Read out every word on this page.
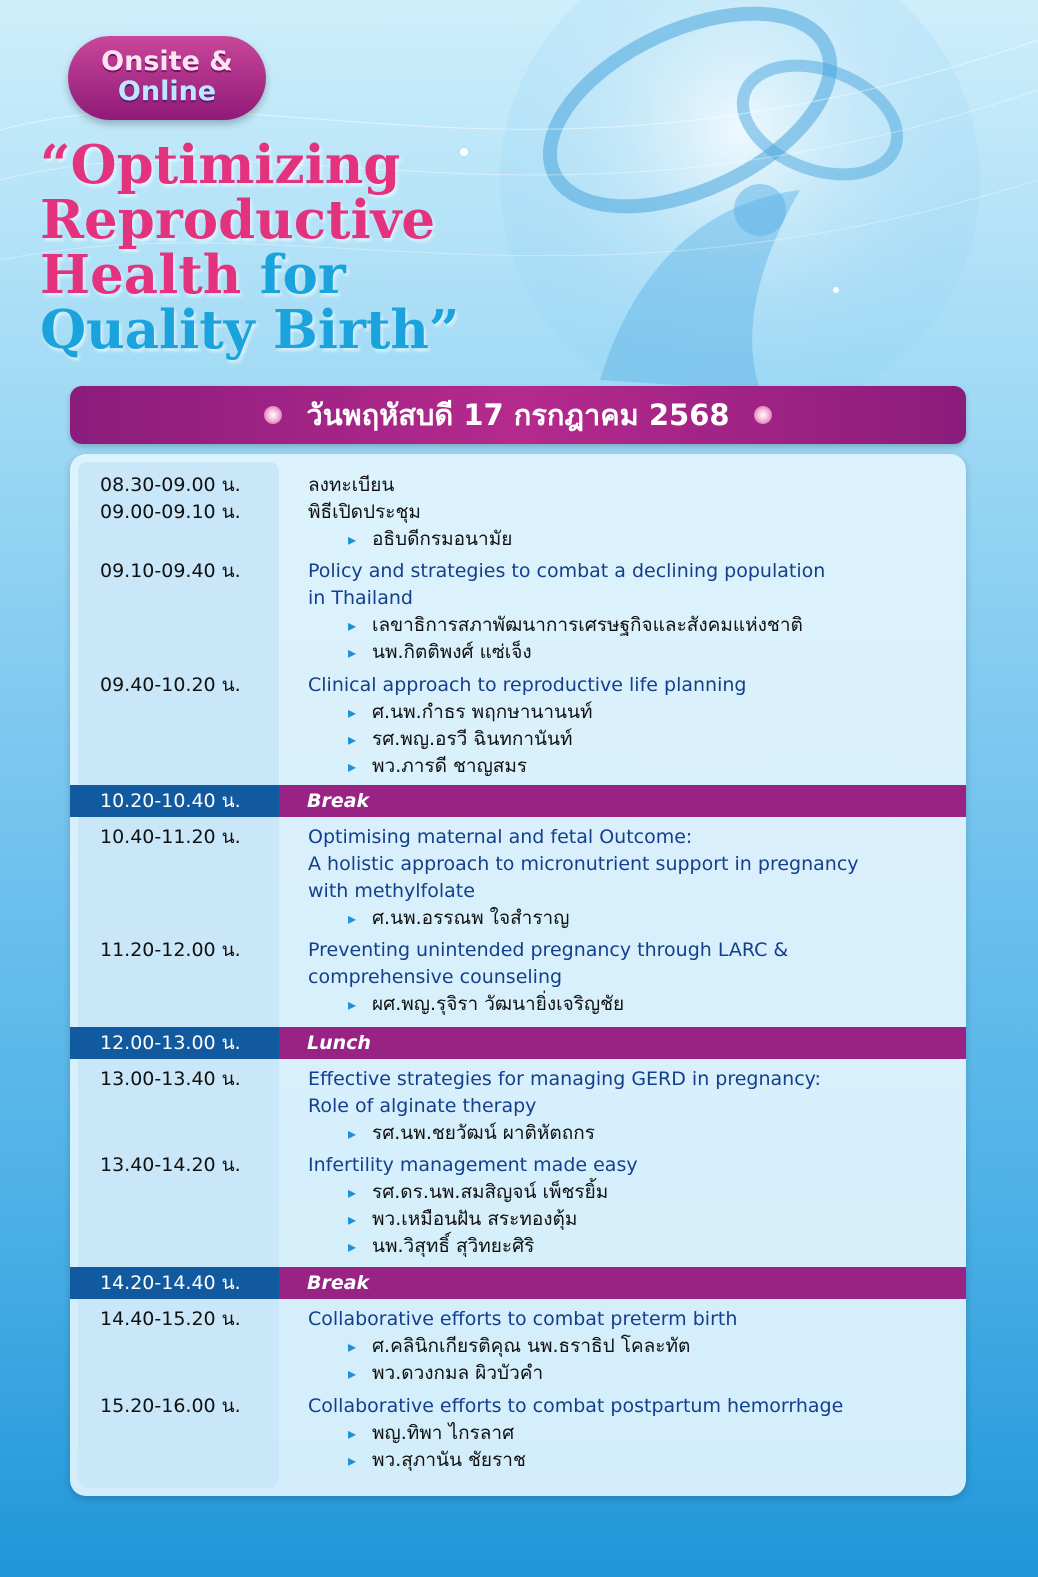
Onsite &
Online
“Optimizing
Reproductive
Health for
Quality Birth”
วันพฤหัสบดี 17 กรกฎาคม 2568
08.30-09.00 น.	ลงทะเบียน
09.00-09.10 น.	พิธีเปิดประชุม
▸ อธิบดีกรมอนามัย
09.10-09.40 น.	Policy and strategies to combat a declining population
in Thailand
▸ เลขาธิการสภาพัฒนาการเศรษฐกิจและสังคมแห่งชาติ
▸ นพ.กิตติพงศ์ แซ่เจ็ง
09.40-10.20 น.	Clinical approach to reproductive life planning
▸ ศ.นพ.กำธร พฤกษานานนท์
▸ รศ.พญ.อรวี ฉินทกานันท์
▸ พว.ภารดี ชาญสมร
10.20-10.40 น.	Break
10.40-11.20 น.	Optimising maternal and fetal Outcome:
A holistic approach to micronutrient support in pregnancy
with methylfolate
▸ ศ.นพ.อรรณพ ใจสำราญ
11.20-12.00 น.	Preventing unintended pregnancy through LARC &
comprehensive counseling
▸ ผศ.พญ.รุจิรา วัฒนายิ่งเจริญชัย
12.00-13.00 น.	Lunch
13.00-13.40 น.	Effective strategies for managing GERD in pregnancy:
Role of alginate therapy
▸ รศ.นพ.ชยวัฒน์ ผาติหัตถกร
13.40-14.20 น.	Infertility management made easy
▸ รศ.ดร.นพ.สมสิญจน์ เพ็ชรยิ้ม
▸ พว.เหมือนฝัน สระทองตุ้ม
▸ นพ.วิสุทธิ์ สุวิทยะศิริ
14.20-14.40 น.	Break
14.40-15.20 น.	Collaborative efforts to combat preterm birth
▸ ศ.คลินิกเกียรติคุณ นพ.ธราธิป โคละทัต
▸ พว.ดวงกมล ผิวบัวคำ
15.20-16.00 น.	Collaborative efforts to combat postpartum hemorrhage
▸ พญ.ทิพา ไกรลาศ
▸ พว.สุภานัน ชัยราช
